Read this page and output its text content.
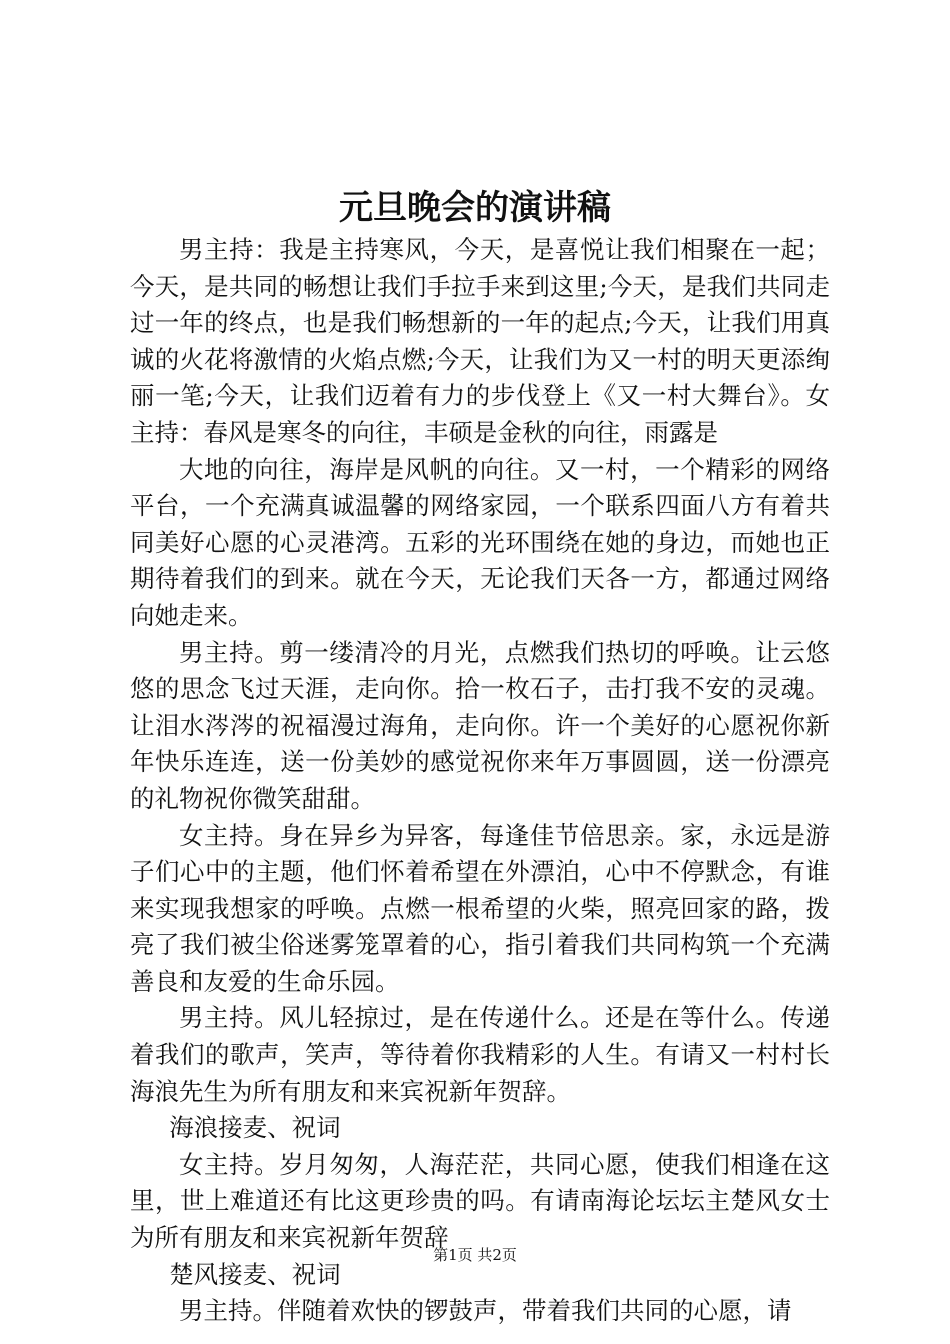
元旦晚会的演讲稿

男主持：我是主持寒风，今天，是喜悦让我们相聚在一起；今天，是共同的畅想让我们手拉手来到这里;今天，是我们共同走过一年的终点，也是我们畅想新的一年的起点;今天，让我们用真诚的火花将激情的火焰点燃;今天，让我们为又一村的明天更添绚丽一笔;今天，让我们迈着有力的步伐登上《又一村大舞台》。女主持：春风是寒冬的向往，丰硕是金秋的向往，雨露是

大地的向往，海岸是风帆的向往。又一村，一个精彩的网络平台，一个充满真诚温馨的网络家园，一个联系四面八方有着共同美好心愿的心灵港湾。五彩的光环围绕在她的身边，而她也正期待着我们的到来。就在今天，无论我们天各一方，都通过网络向她走来。

男主持。剪一缕清冷的月光，点燃我们热切的呼唤。让云悠悠的思念飞过天涯，走向你。拾一枚石子，击打我不安的灵魂。让泪水涔涔的祝福漫过海角，走向你。许一个美好的心愿祝你新年快乐连连，送一份美妙的感觉祝你来年万事圆圆，送一份漂亮的礼物祝你微笑甜甜。

女主持。身在异乡为异客，每逢佳节倍思亲。家，永远是游子们心中的主题，他们怀着希望在外漂泊，心中不停默念，有谁来实现我想家的呼唤。点燃一根希望的火柴，照亮回家的路，拨亮了我们被尘俗迷雾笼罩着的心，指引着我们共同构筑一个充满善良和友爱的生命乐园。

男主持。风儿轻掠过，是在传递什么。还是在等什么。传递着我们的歌声，笑声，等待着你我精彩的人生。有请又一村村长海浪先生为所有朋友和来宾祝新年贺辞。

海浪接麦、祝词

女主持。岁月匆匆，人海茫茫，共同心愿，使我们相逢在这里，世上难道还有比这更珍贵的吗。有请南海论坛坛主楚风女士为所有朋友和来宾祝新年贺辞

楚风接麦、祝词

男主持。伴随着欢快的锣鼓声，带着我们共同的心愿，请

第1页 共2页
